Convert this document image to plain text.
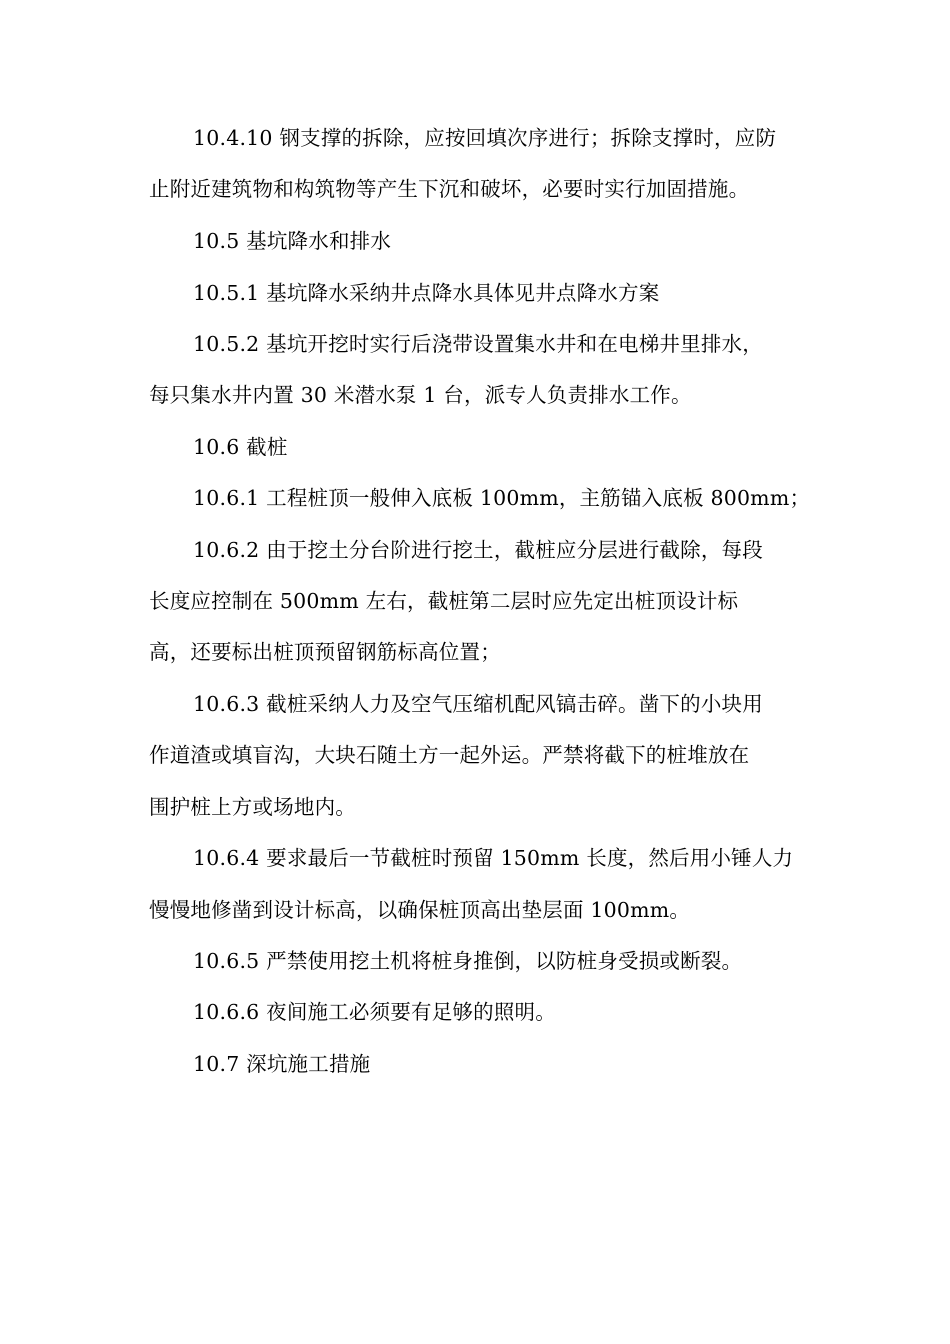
10.4.10 钢支撑的拆除，应按回填次序进行；拆除支撑时，应防
止附近建筑物和构筑物等产生下沉和破坏，必要时实行加固措施。
10.5 基坑降水和排水
10.5.1 基坑降水采纳井点降水具体见井点降水方案
10.5.2 基坑开挖时实行后浇带设置集水井和在电梯井里排水，
每只集水井内置 30 米潜水泵 1 台，派专人负责排水工作。
10.6 截桩
10.6.1 工程桩顶一般伸入底板 100mm，主筋锚入底板 800mm；
10.6.2 由于挖土分台阶进行挖土，截桩应分层进行截除，每段
长度应控制在 500mm 左右，截桩第二层时应先定出桩顶设计标
高，还要标出桩顶预留钢筋标高位置；
10.6.3 截桩采纳人力及空气压缩机配风镐击碎。凿下的小块用
作道渣或填盲沟，大块石随土方一起外运。严禁将截下的桩堆放在
围护桩上方或场地内。
10.6.4 要求最后一节截桩时预留 150mm 长度，然后用小锤人力
慢慢地修凿到设计标高，以确保桩顶高出垫层面 100mm。
10.6.5 严禁使用挖土机将桩身推倒，以防桩身受损或断裂。
10.6.6 夜间施工必须要有足够的照明。
10.7 深坑施工措施
